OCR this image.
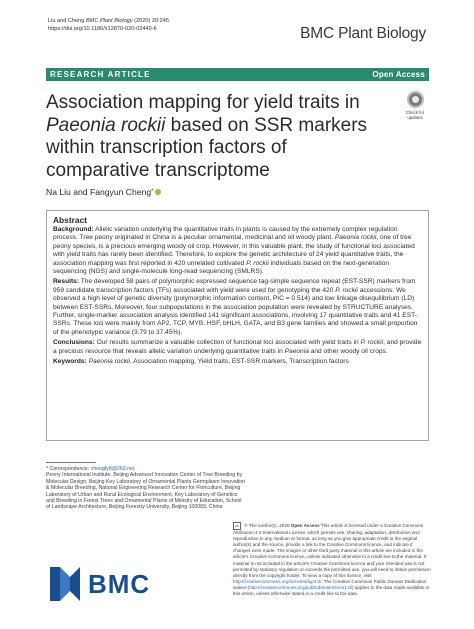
Liu and Cheng BMC Plant Biology (2020) 20:245
https://doi.org/10.1186/s12870-020-02449-6	BMC Plant Biology
RESEARCH ARTICLE	Open Access
Association mapping for yield traits in Paeonia rockii based on SSR markers within transcription factors of comparative transcriptome
Check for
updates
Na Liu and Fangyun Cheng *
Abstract

Background: Allelic variation underlying the quantitative traits in plants is caused by the extremely complex regulation process. Tree peony originated in China is a peculiar ornamental, medicinal and oil woody plant. Paeonia rockii, one of tree peony species, is a precious emerging woody oil crop. However, in this valuable plant, the study of functional loci associated with yield traits has rarely been identified. Therefore, to explore the genetic architecture of 24 yield quantitative traits, the association mapping was first reported in 420 unrelated cultivated P. rockii individuals based on the next-generation sequencing (NGS) and single-molecule long-read sequencing (SMLRS).

Results: The developed 58 pairs of polymorphic expressed sequence tag-simple sequence repeat (EST-SSR) markers from 959 candidate transcription factors (TFs) associated with yield were used for genotyping the 420 P. rockii accessions. We observed a high level of genetic diversity (polymorphic information content, PIC = 0.514) and low linkage disequilibrium (LD) between EST-SSRs. Moreover, four subpopulations in the association population were revealed by STRUCTURE analyses. Further, single-marker association analysis identified 141 significant associations, involving 17 quantitative traits and 41 EST-SSRs. These loci were mainly from AP2, TCP, MYB, HSF, bHLH, GATA, and B3 gene families and showed a small proportion of the phenotypic variance (3.79 to 37.45%).

Conclusions: Our results summarize a valuable collection of functional loci associated with yield traits in P. rockii, and provide a precious resource that reveals allelic variation underlying quantitative traits in Paeonia and other woody oil crops.

Keywords: Paeonia rockii, Association mapping, Yield traits, EST-SSR markers, Transcription factors

* Correspondence: chengfy8@263.net
Peony International Institute, Beijing Advanced Innovation Center of Tree Breeding by Molecular Design, Beijing Key Laboratory of Ornamental Plants Germplasm Innovation & Molecular Breeding, National Engineering Research Center for Floriculture, Beijing Laboratory of Urban and Rural Ecological Environment, Key Laboratory of Genetics and Breeding in Forest Trees and Ornamental Plants of Ministry of Education, School of Landscape Architecture, Beijing Forestry University, Beijing 100083, China
BMC
cc © The Author(s). 2020 Open Access This article is licensed under a Creative Commons Attribution 4.0 International License, which permits use, sharing, adaptation, distribution and reproduction in any medium or format, as long as you give appropriate credit to the original author(s) and the source, provide a link to the Creative Commons licence, and indicate if changes were made. The images or other third party material in this article are included in the article's Creative Commons licence, unless indicated otherwise in a credit line to the material. If material is not included in the article's Creative Commons licence and your intended use is not permitted by statutory regulation or exceeds the permitted use, you will need to obtain permission directly from the copyright holder. To view a copy of this licence, visit http://creativecommons.org/licenses/by/4.0/. The Creative Commons Public Domain Dedication waiver (http://creativecommons.org/publicdomain/zero/1.0/) applies to the data made available in this article, unless otherwise stated in a credit line to the data.
